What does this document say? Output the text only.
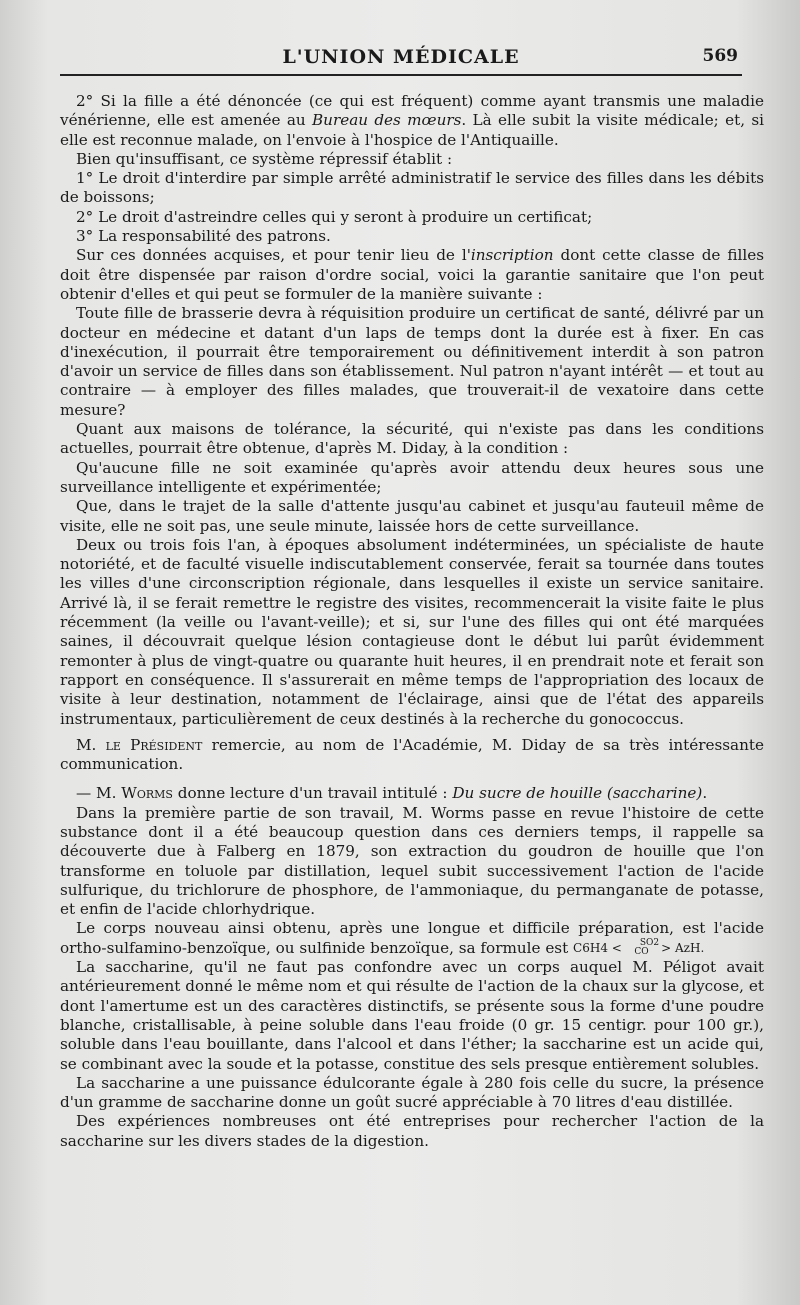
L'UNION MÉDICALE	569

2° Si la fille a été dénoncée (ce qui est fréquent) comme ayant transmis une maladie vénérienne, elle est amenée au Bureau des mœurs. Là elle subit la visite médicale; et, si elle est reconnue malade, on l'envoie à l'hospice de l'Antiquaille.

Bien qu'insuffisant, ce système répressif établit :

1° Le droit d'interdire par simple arrêté administratif le service des filles dans les débits de boissons;

2° Le droit d'astreindre celles qui y seront à produire un certificat;

3° La responsabilité des patrons.

Sur ces données acquises, et pour tenir lieu de l'inscription dont cette classe de filles doit être dispensée par raison d'ordre social, voici la garantie sanitaire que l'on peut obtenir d'elles et qui peut se formuler de la manière suivante :

Toute fille de brasserie devra à réquisition produire un certificat de santé, délivré par un docteur en médecine et datant d'un laps de temps dont la durée est à fixer. En cas d'inexécution, il pourrait être temporairement ou définitivement interdit à son patron d'avoir un service de filles dans son établissement. Nul patron n'ayant intérêt — et tout au contraire — à employer des filles malades, que trouverait-il de vexatoire dans cette mesure?

Quant aux maisons de tolérance, la sécurité, qui n'existe pas dans les conditions actuelles, pourrait être obtenue, d'après M. Diday, à la condition :

Qu'aucune fille ne soit examinée qu'après avoir attendu deux heures sous une surveillance intelligente et expérimentée;

Que, dans le trajet de la salle d'attente jusqu'au cabinet et jusqu'au fauteuil même de visite, elle ne soit pas, une seule minute, laissée hors de cette surveillance.

Deux ou trois fois l'an, à époques absolument indéterminées, un spécialiste de haute notoriété, et de faculté visuelle indiscutablement conservée, ferait sa tournée dans toutes les villes d'une circonscription régionale, dans lesquelles il existe un service sanitaire. Arrivé là, il se ferait remettre le registre des visites, recommencerait la visite faite le plus récemment (la veille ou l'avant-veille); et si, sur l'une des filles qui ont été marquées saines, il découvrait quelque lésion contagieuse dont le début lui parût évidemment remonter à plus de vingt-quatre ou quarante huit heures, il en prendrait note et ferait son rapport en conséquence. Il s'assurerait en même temps de l'appropriation des locaux de visite à leur destination, notamment de l'éclairage, ainsi que de l'état des appareils instrumentaux, particulièrement de ceux destinés à la recherche du gonococcus.

M. le Président remercie, au nom de l'Académie, M. Diday de sa très intéressante communication.

— M. Worms donne lecture d'un travail intitulé : Du sucre de houille (saccharine).

Dans la première partie de son travail, M. Worms passe en revue l'histoire de cette substance dont il a été beaucoup question dans ces derniers temps, il rappelle sa découverte due à Falberg en 1879, son extraction du goudron de houille que l'on transforme en toluole par distillation, lequel subit successivement l'action de l'acide sulfurique, du trichlorure de phosphore, de l'ammoniaque, du permanganate de potasse, et enfin de l'acide chlorhydrique.

Le corps nouveau ainsi obtenu, après une longue et difficile préparation, est l'acide ortho-sulfamino-benzoïque, ou sulfinide benzoïque, sa formule est C6H4 < SO2
CO > AzH.

La saccharine, qu'il ne faut pas confondre avec un corps auquel M. Péligot avait antérieurement donné le même nom et qui résulte de l'action de la chaux sur la glycose, et dont l'amertume est un des caractères distinctifs, se présente sous la forme d'une poudre blanche, cristallisable, à peine soluble dans l'eau froide (0 gr. 15 centigr. pour 100 gr.), soluble dans l'eau bouillante, dans l'alcool et dans l'éther; la saccharine est un acide qui, se combinant avec la soude et la potasse, constitue des sels presque entièrement solubles.

La saccharine a une puissance édulcorante égale à 280 fois celle du sucre, la présence d'un gramme de saccharine donne un goût sucré appréciable à 70 litres d'eau distillée.

Des expériences nombreuses ont été entreprises pour rechercher l'action de la saccharine sur les divers stades de la digestion.
